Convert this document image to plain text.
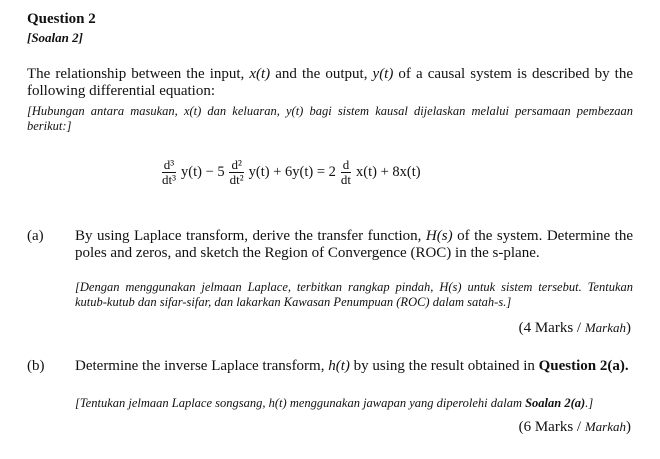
Question 2
[Soalan 2]
The relationship between the input, x(t) and the output, y(t) of a causal system is described by the following differential equation:
[Hubungan antara masukan, x(t) dan keluaran, y(t) bagi sistem kausal dijelaskan melalui persamaan pembezaan berikut:]
$\frac{\text{d³}}{\text{dt³}} y(t) - 5 \frac{\text{d²}}{\text{dt²}} y(t) + 6y(t) = 2 \frac{d}{dt} x(t) + 8x(t)$
(a) By using Laplace transform, derive the transfer function, H(s) of the system. Determine the poles and zeros, and sketch the Region of Convergence (ROC) in the s-plane.
[Dengan menggunakan jelmaan Laplace, terbitkan rangkap pindah, H(s) untuk sistem tersebut. Tentukan kutub-kutub dan sifar-sifar, dan lakarkan Kawasan Penumpuan (ROC) dalam satah-s.]
(4 Marks / Markah)
(b) Determine the inverse Laplace transform, h(t) by using the result obtained in Question 2(a).
[Tentukan jelmaan Laplace songsang, h(t) menggunakan jawapan yang diperolehi dalam Soalan 2(a).]
(6 Marks / Markah)
